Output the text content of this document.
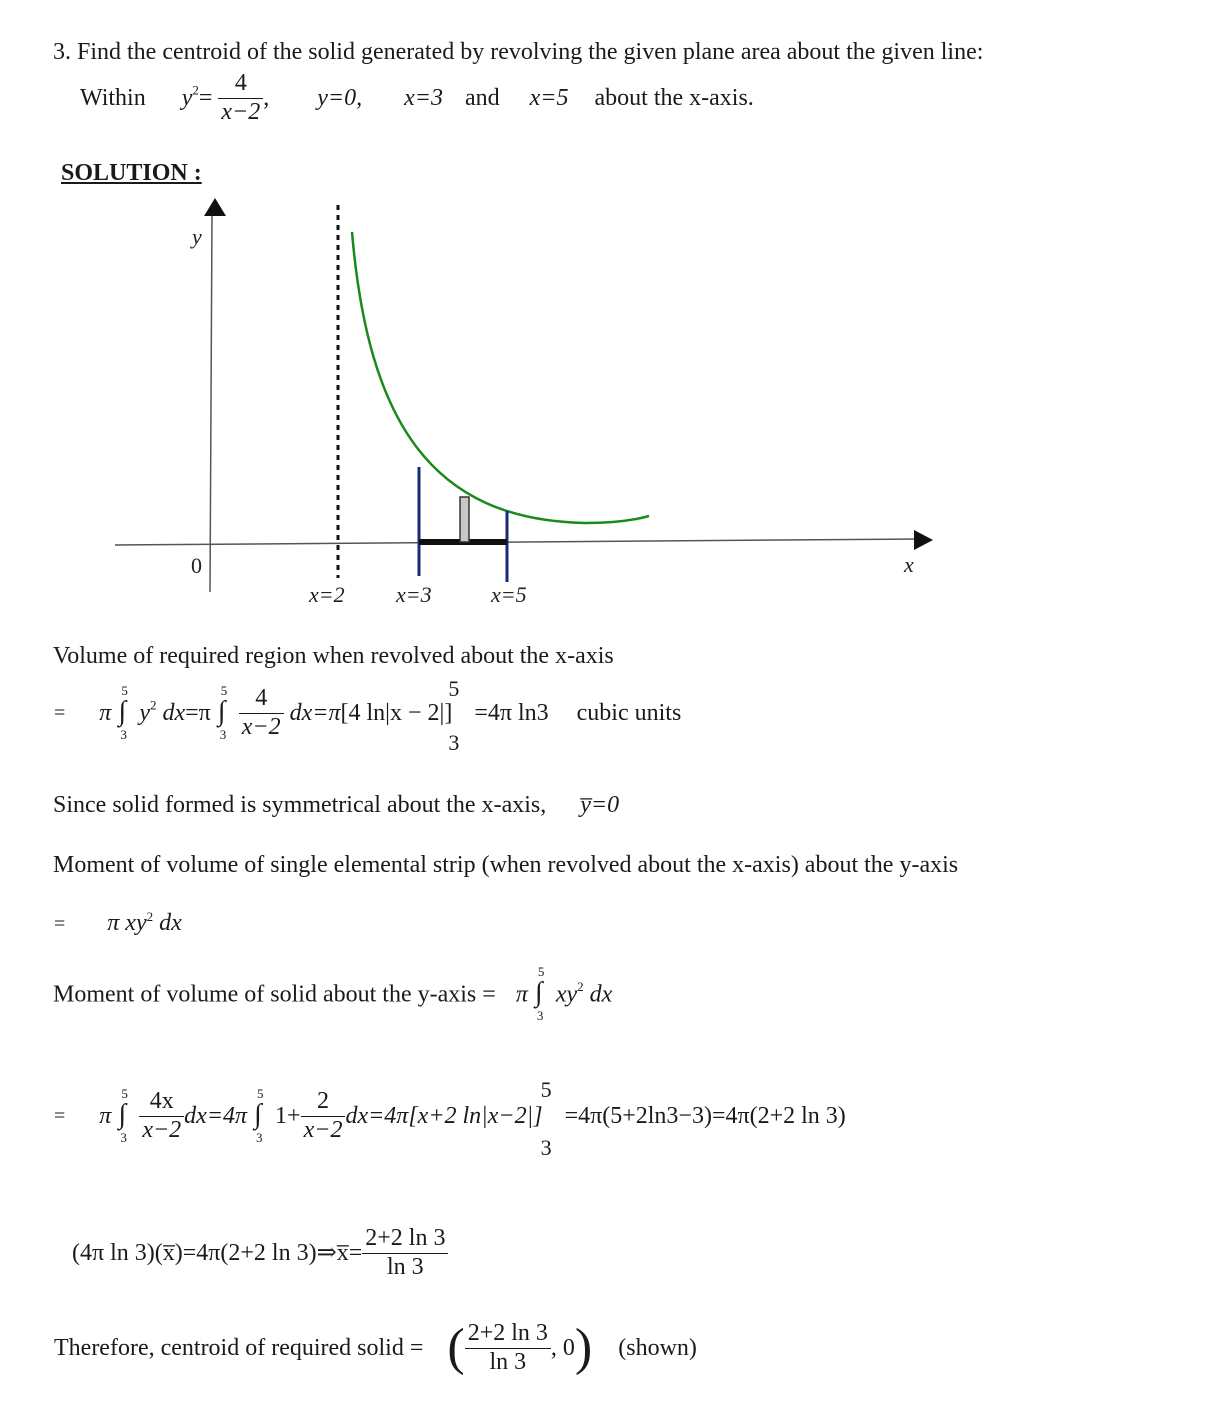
3. Find the centroid of the solid generated by revolving the given plane area about the given line:
Within $y^2= \frac{4}{x-2}$ , y=0, x=3 and x=5 about the x-axis.
SOLUTION :
y
x
0
x=2 x=3	x=5
Volume of required region when revolved about the x-axis
= π ∫
5
3
$y^2$ dx=π ∫
5
3
$\frac{4}{x-2} dx=\pi[4$ ln|x − 2|]
5
3
=4π ln3 cubic units
Since solid formed is symmetrical about the x-axis, y̅=0
Moment of volume of single elemental strip (when revolved about the x-axis) about the y-axis
= π $xy^2$ dx
Moment of volume of solid about the y-axis = π ∫
5
3
$xy^2$ dx
= π ∫
5
3
$\frac{4x}{x-2} dx=4\pi$ ∫
5
3
$1+ \frac{2}{x-2} dx=4\pi[x+2$ ln|x−2|]
5
3
=4π(5+2ln3−3)=4π(2+2 ln 3)
(4π ln 3)(x̅)=4π(2+2 ln 3)⇒x̅= $\frac{2+2 \ln 3}{\ln 3}$
Therefore, centroid of required solid = ( $\frac{2+2 \ln 3}{\ln 3}$ , 0) (shown)
